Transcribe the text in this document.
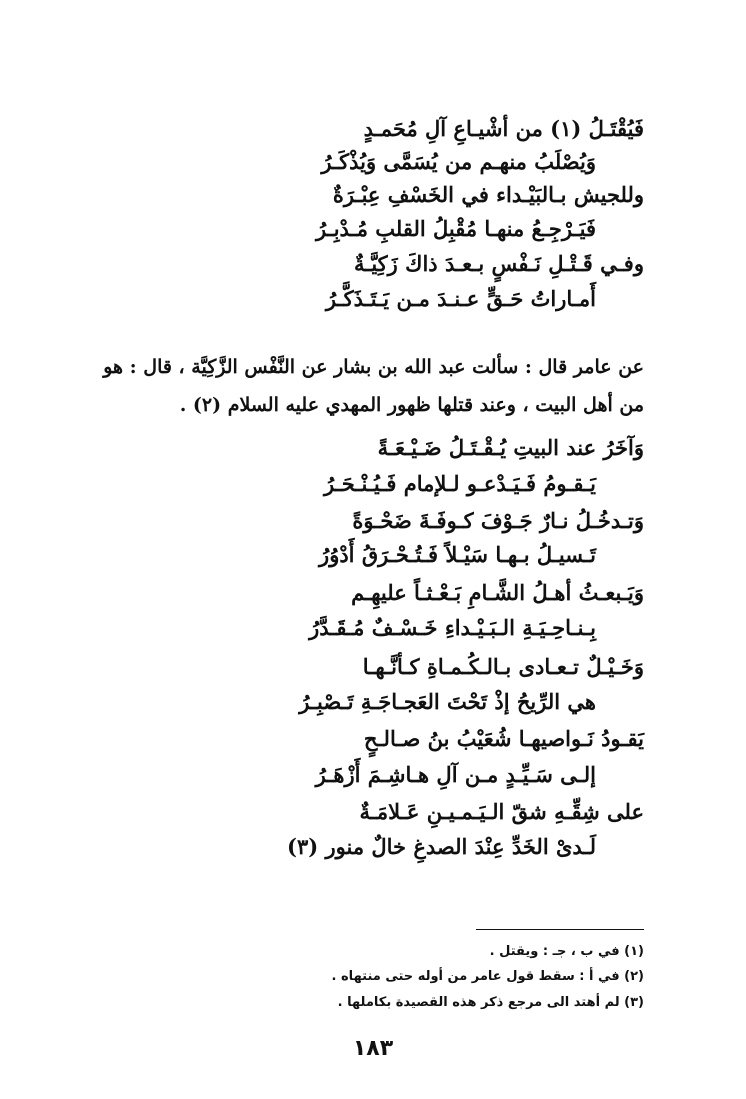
فَيُقْتَـلُ (١) من أشْيـاعِ آلِ مُحَمـدٍ
وَيُصْلَبُ منهـم من يُسَمَّى وَيُذْكَـرُ
وللجيش بـالبَيْـداء في الخَسْفِ عِبْـرَةٌ
فَيَـرْجِـعُ منهـا مُقْبِلُ القلبِ مُـدْبِـرُ
وفـي قَـتْـلِ نَـفْسٍ بـعـدَ ذاكَ زَكِيَّـةٌ
أَمـاراتُ حَـقٍّ عـنـدَ مـن يَـتَـذَكَّـرُ
عن عامر قال : سألت عبد الله بن بشار عن النَّفْس الزَّكِيَّة ، قال : هو
من أهل البيت ، وعند قتلها ظهور المهدي عليه السلام (٢) .
وَآخَرُ عند البيتِ يُـقْـتَـلُ ضَـيْـعَـةً
يَـقـومُ فَـيَـدْعـو لـلإمام فَـيُـنْـحَـرُ
وَتـدخُـلُ نـارٌ جَـوْفَ كـوفَـةَ ضَحْـوَةً
تَـسيـلُ بـهـا سَيْـلاً فَـتُـحْـرَقُ أَدْوُرُ
وَيَـبعـثُ أهـلُ الشَّـامِ بَـعْـثـاً عليهِـم
بِـنـاحِـيَـةِ الـبَـيْـداءِ خَـسْـفٌ مُـقَـدَّرُ
وَخَـيْـلٌ تـعـادى بـالـكُـمـاةِ كـأنَّـهـا
هي الرِّيحُ إذْ تَحْتَ العَجـاجَـةِ تَـصْبِـرُ
يَقـودُ نَـواصيهـا شُعَيْبُ بنُ صـالـحٍ
إلـى سَـيِّـدٍ مـن آلِ هـاشِـمَ أَزْهَـرُ
على شِقِّـهِ شقّ الـيَـمـيـنِ عَـلامَـةٌ
لَـدىْ الخَدِّ عِنْدَ الصدغِ خالٌ منور (٣)
(١) في ب ، جـ : ويقتل .
(٢) في أ : سقط قول عامر من أوله حتى منتهاه .
(٣) لم أهتد الى مرجع ذكر هذه القصيدة بكاملها .
١٨٣
